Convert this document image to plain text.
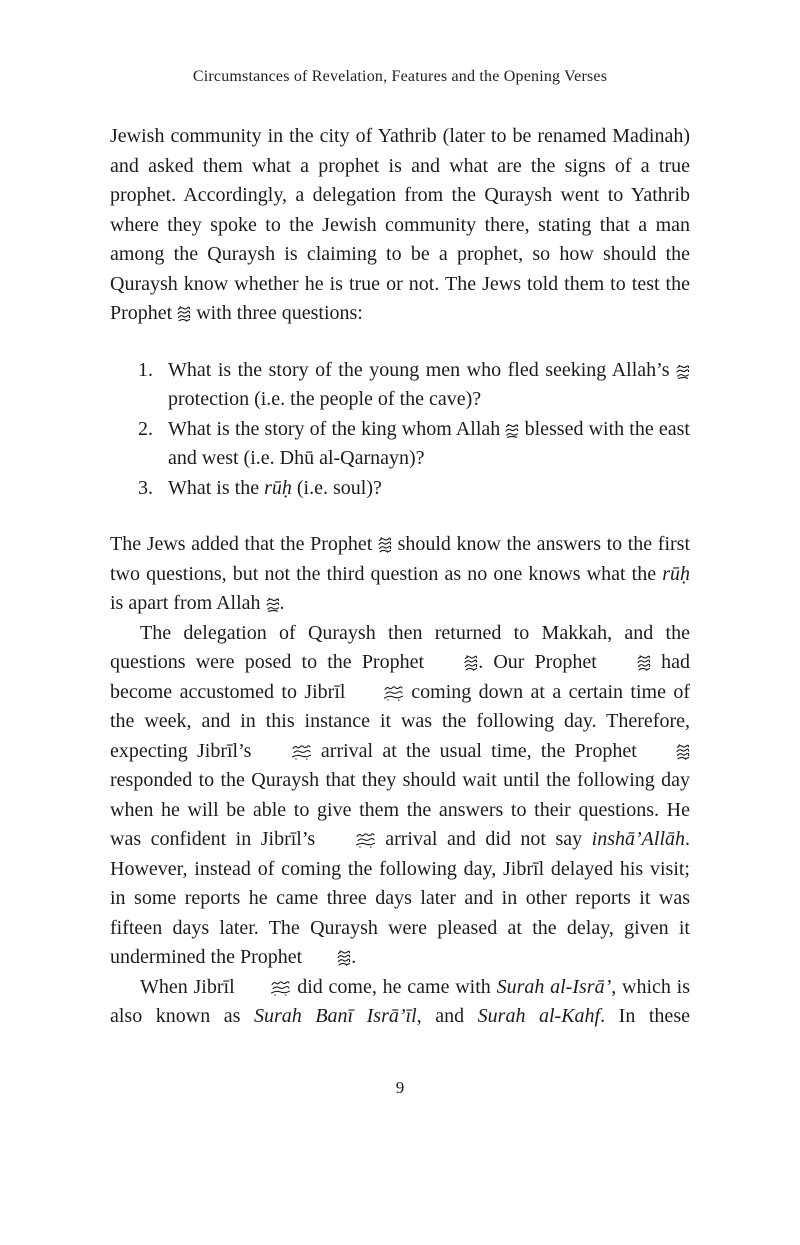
Circumstances of Revelation, Features and the Opening Verses

Jewish community in the city of Yathrib (later to be renamed Madinah) and asked them what a prophet is and what are the signs of a true prophet. Accordingly, a delegation from the Quraysh went to Yathrib where they spoke to the Jewish community there, stating that a man among the Quraysh is claiming to be a prophet, so how should the Quraysh know whether he is true or not. The Jews told them to test the Prophet  with three questions:

1. What is the story of the young men who fled seeking Allah’s  protection (i.e. the people of the cave)?
2. What is the story of the king whom Allah  blessed with the east and west (i.e. Dhū al-Qarnayn)?
3. What is the rūḥ (i.e. soul)?

The Jews added that the Prophet  should know the answers to the first two questions, but not the third question as no one knows what the rūḥ is apart from Allah .

The delegation of Quraysh then returned to Makkah, and the questions were posed to the Prophet . Our Prophet  had become accustomed to Jibrīl	coming down at a certain time of the week, and in this instance it was the following day. Therefore, expecting Jibrīl’s	arrival at the usual time, the Prophet  responded to the Quraysh that they should wait until the following day when he will be able to give them the answers to their questions. He was confident in Jibrīl’s	arrival and did not say inshā’Allāh. However, instead of coming the following day, Jibrīl delayed his visit; in some reports he came three days later and in other reports it was fifteen days later. The Quraysh were pleased at the delay, given it undermined the Prophet .

When Jibrīl	did come, he came with Surah al-Isrā’, which is also known as Surah Banī Isrā’īl, and Surah al-Kahf. In these

9
